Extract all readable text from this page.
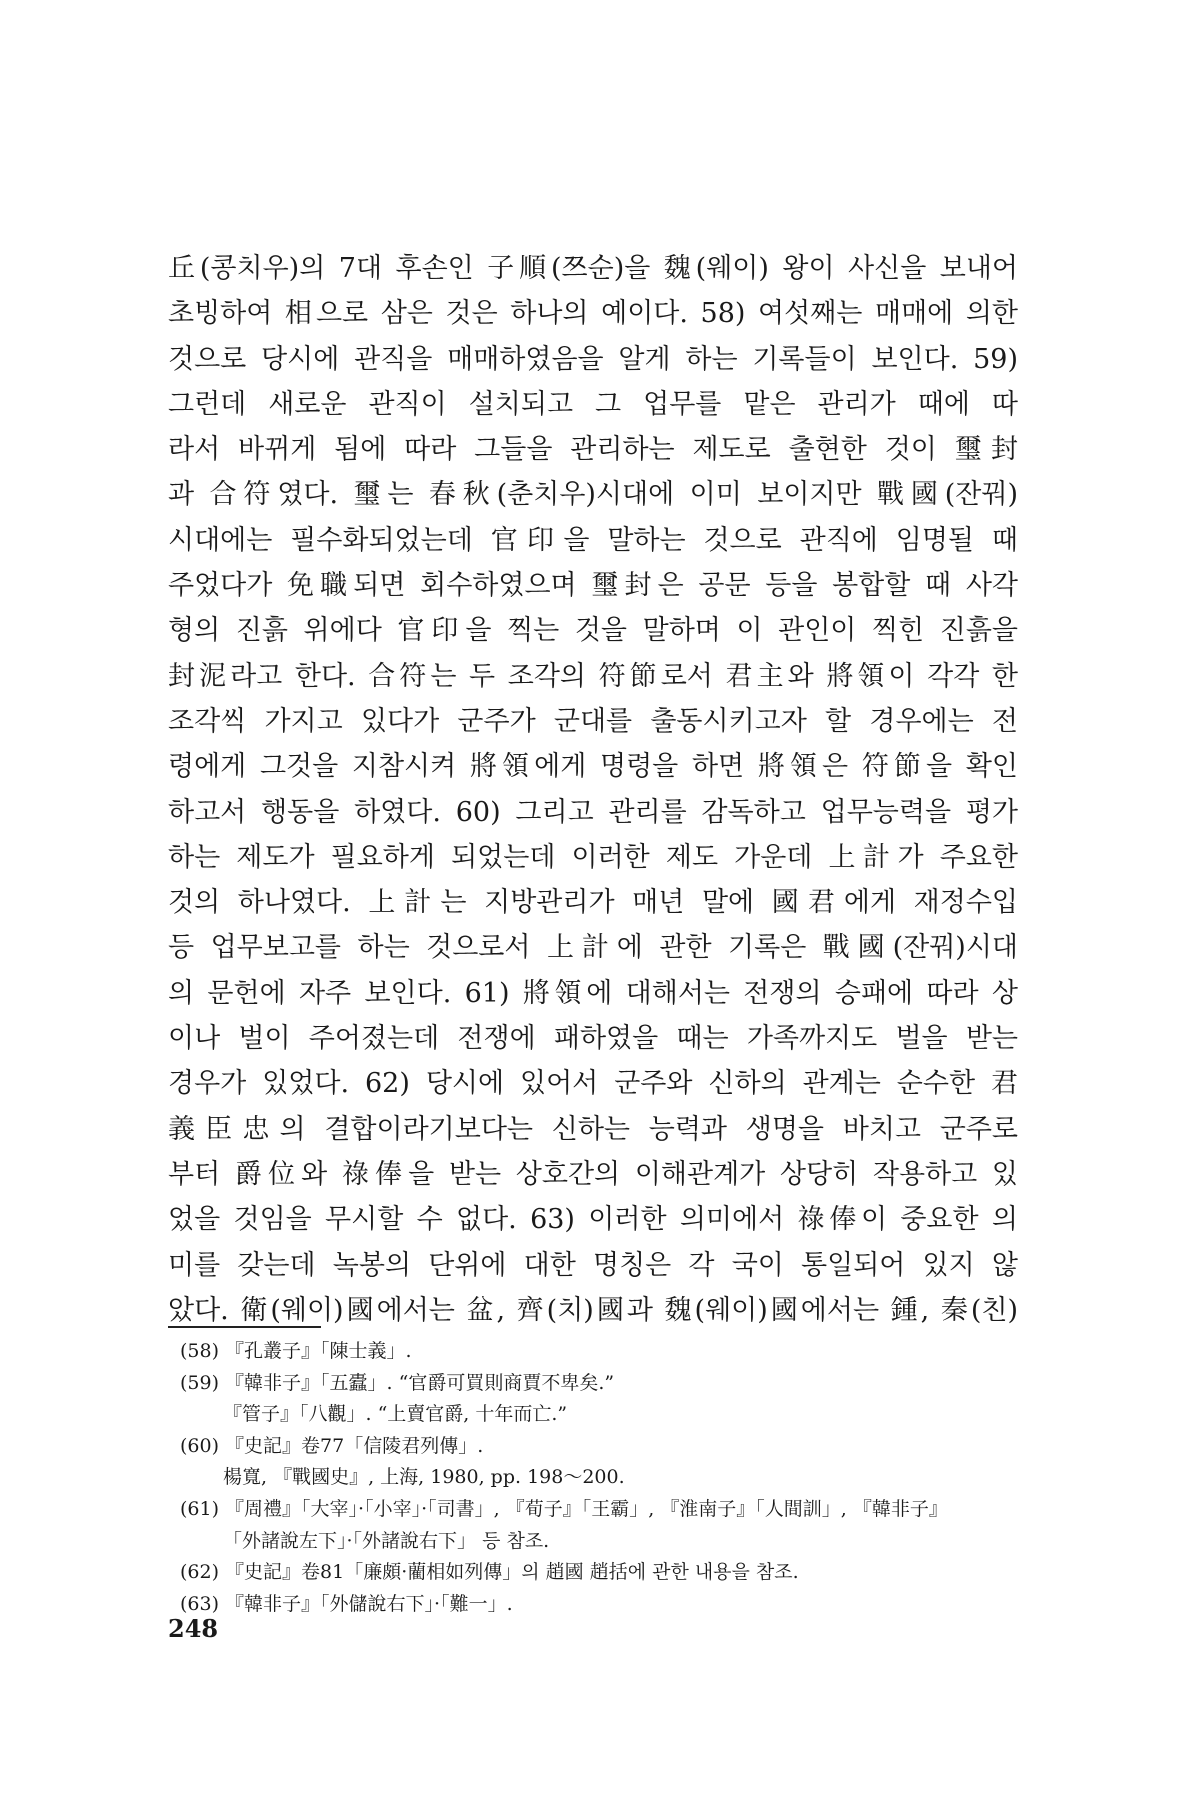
丘(콩치우)의 7대 후손인 子順(쯔순)을 魏(웨이) 왕이 사신을 보내어
초빙하여 相으로 삼은 것은 하나의 예이다. 58) 여섯째는 매매에 의한
것으로 당시에 관직을 매매하였음을 알게 하는 기록들이 보인다. 59)
그런데 새로운 관직이 설치되고 그 업무를 맡은 관리가 때에 따
라서 바뀌게 됨에 따라 그들을 관리하는 제도로 출현한 것이 璽封
과 合符였다. 璽는 春秋(춘치우)시대에 이미 보이지만 戰國(잔꿔)
시대에는 필수화되었는데 官印을 말하는 것으로 관직에 임명될 때
주었다가 免職되면 회수하였으며 璽封은 공문 등을 봉합할 때 사각
형의 진흙 위에다 官印을 찍는 것을 말하며 이 관인이 찍힌 진흙을
封泥라고 한다. 合符는 두 조각의 符節로서 君主와 將領이 각각 한
조각씩 가지고 있다가 군주가 군대를 출동시키고자 할 경우에는 전
령에게 그것을 지참시켜 將領에게 명령을 하면 將領은 符節을 확인
하고서 행동을 하였다. 60) 그리고 관리를 감독하고 업무능력을 평가
하는 제도가 필요하게 되었는데 이러한 제도 가운데 上計가 주요한
것의 하나였다. 上計는 지방관리가 매년 말에 國君에게 재정수입
등 업무보고를 하는 것으로서 上計에 관한 기록은 戰國(잔꿔)시대
의 문헌에 자주 보인다. 61) 將領에 대해서는 전쟁의 승패에 따라 상
이나 벌이 주어졌는데 전쟁에 패하였을 때는 가족까지도 벌을 받는
경우가 있었다. 62) 당시에 있어서 군주와 신하의 관계는 순수한 君
義臣忠의 결합이라기보다는 신하는 능력과 생명을 바치고 군주로
부터 爵位와 祿俸을 받는 상호간의 이해관계가 상당히 작용하고 있
었을 것임을 무시할 수 없다. 63) 이러한 의미에서 祿俸이 중요한 의
미를 갖는데 녹봉의 단위에 대한 명칭은 각 국이 통일되어 있지 않
았다. 衛(웨이)國에서는 盆, 齊(치)國과 魏(웨이)國에서는 鍾, 秦(친)
(58) 『孔叢子』「陳士義」.
(59) 『韓非子』「五蠹」. “官爵可買則商賈不卑矣.”
『管子』「八觀」. “上賣官爵, 十年而亡.”
(60) 『史記』卷77「信陵君列傳」.
楊寬, 『戰國史』, 上海, 1980, pp. 198～200.
(61) 『周禮』「大宰」·「小宰」·「司書」, 『荀子』「王霸」, 『淮南子』「人間訓」, 『韓非子』
「外諸說左下」·「外諸說右下」 등 참조.
(62) 『史記』卷81「廉頗·藺相如列傳」의 趙國 趙括에 관한 내용을 참조.
(63) 『韓非子』「外儲說右下」·「難一」.
248
